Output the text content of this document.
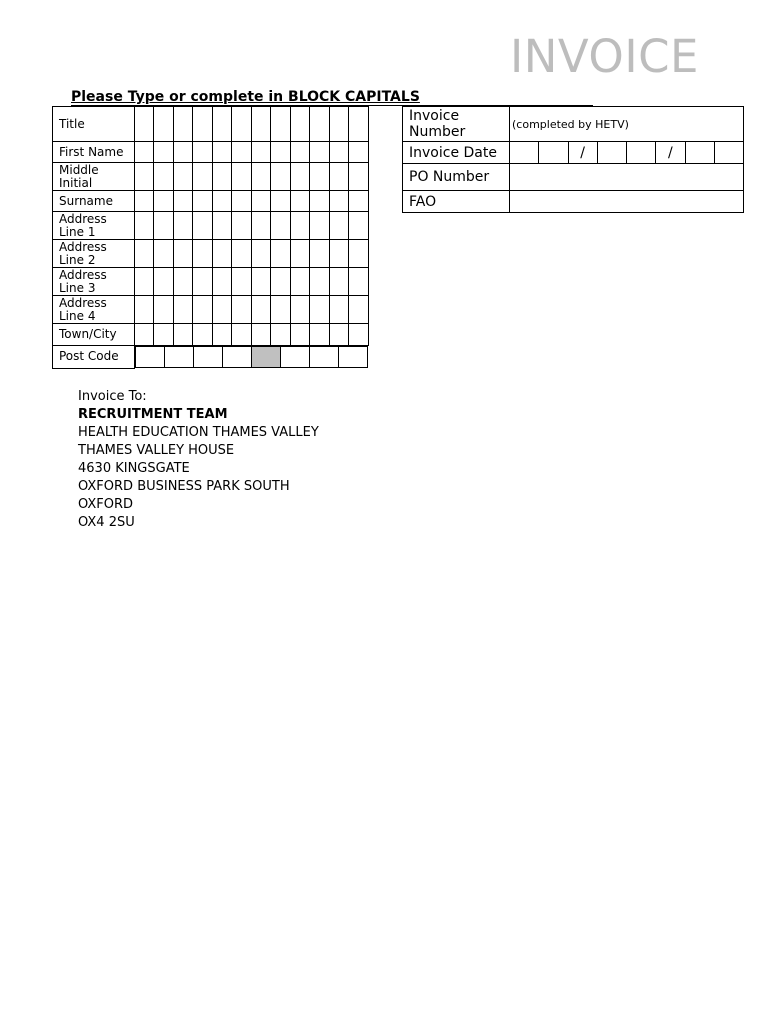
INVOICE
Please Type or complete in BLOCK CAPITALS
Title												
First Name												
Middle Initial												
Surname												
Address Line 1												
Address Line 2												
Address Line 3												
Address Line 4												
Town/City												
Post Code	

Invoice Number	(completed by HETV)							
Invoice Date			/			/		
PO Number								
FAO								
Invoice To:
RECRUITMENT TEAM
HEALTH EDUCATION THAMES VALLEY
THAMES VALLEY HOUSE
4630 KINGSGATE
OXFORD BUSINESS PARK SOUTH
OXFORD
OX4 2SU
